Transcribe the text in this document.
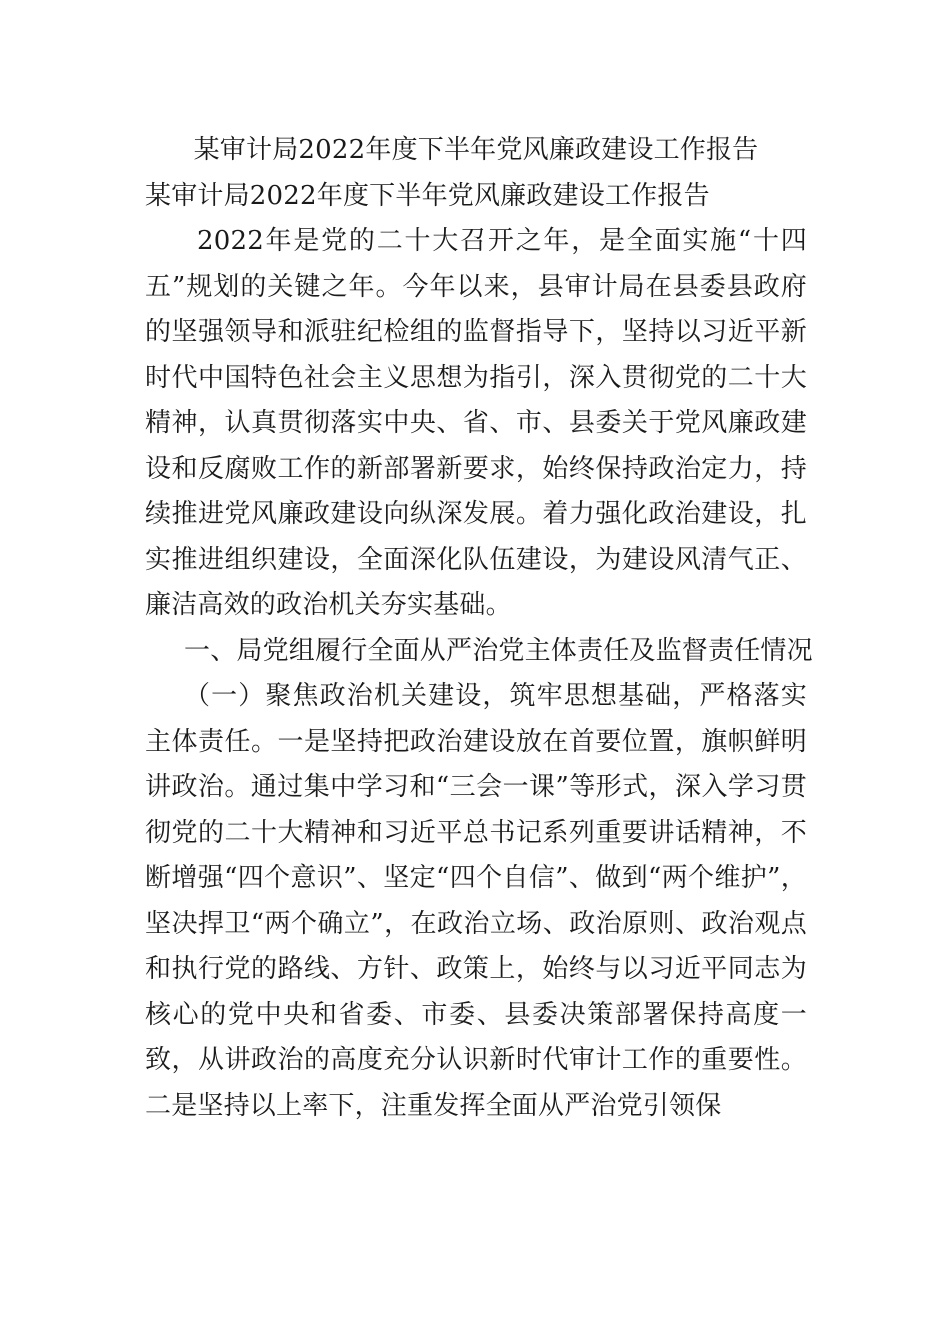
某审计局2022年度下半年党风廉政建设工作报告
某审计局2022年度下半年党风廉政建设工作报告

2022年是党的二十大召开之年，是全面实施“十四五”规划的关键之年。今年以来，县审计局在县委县政府的坚强领导和派驻纪检组的监督指导下，坚持以习近平新时代中国特色社会主义思想为指引，深入贯彻党的二十大精神，认真贯彻落实中央、省、市、县委关于党风廉政建设和反腐败工作的新部署新要求，始终保持政治定力，持续推进党风廉政建设向纵深发展。着力强化政治建设，扎实推进组织建设，全面深化队伍建设，为建设风清气正、廉洁高效的政治机关夯实基础。

一、局党组履行全面从严治党主体责任及监督责任情况

（一）聚焦政治机关建设，筑牢思想基础，严格落实主体责任。一是坚持把政治建设放在首要位置，旗帜鲜明讲政治。通过集中学习和“三会一课”等形式，深入学习贯彻党的二十大精神和习近平总书记系列重要讲话精神，不断增强“四个意识”、坚定“四个自信”、做到“两个维护”，坚决捍卫“两个确立”，在政治立场、政治原则、政治观点和执行党的路线、方针、政策上，始终与以习近平同志为核心的党中央和省委、市委、县委决策部署保持高度一致，从讲政治的高度充分认识新时代审计工作的重要性。二是坚持以上率下，注重发挥全面从严治党引领保
